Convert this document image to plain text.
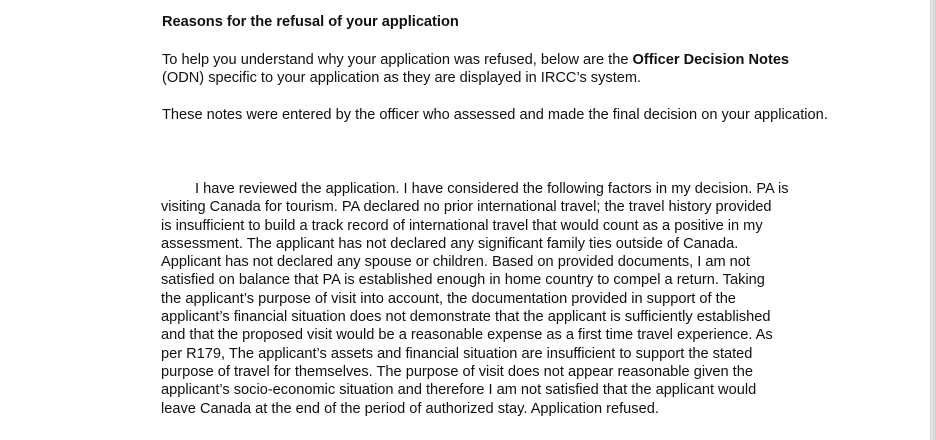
Reasons for the refusal of your application

To help you understand why your application was refused, below are the Officer Decision Notes
(ODN) specific to your application as they are displayed in IRCC’s system.

These notes were entered by the officer who assessed and made the final decision on your application.

I have reviewed the application. I have considered the following factors in my decision. PA is
visiting Canada for tourism. PA declared no prior international travel; the travel history provided
is insufficient to build a track record of international travel that would count as a positive in my
assessment. The applicant has not declared any significant family ties outside of Canada.
Applicant has not declared any spouse or children. Based on provided documents, I am not
satisfied on balance that PA is established enough in home country to compel a return. Taking
the applicant’s purpose of visit into account, the documentation provided in support of the
applicant’s financial situation does not demonstrate that the applicant is sufficiently established
and that the proposed visit would be a reasonable expense as a first time travel experience. As
per R179, The applicant’s assets and financial situation are insufficient to support the stated
purpose of travel for themselves. The purpose of visit does not appear reasonable given the
applicant’s socio-economic situation and therefore I am not satisfied that the applicant would
leave Canada at the end of the period of authorized stay. Application refused.
